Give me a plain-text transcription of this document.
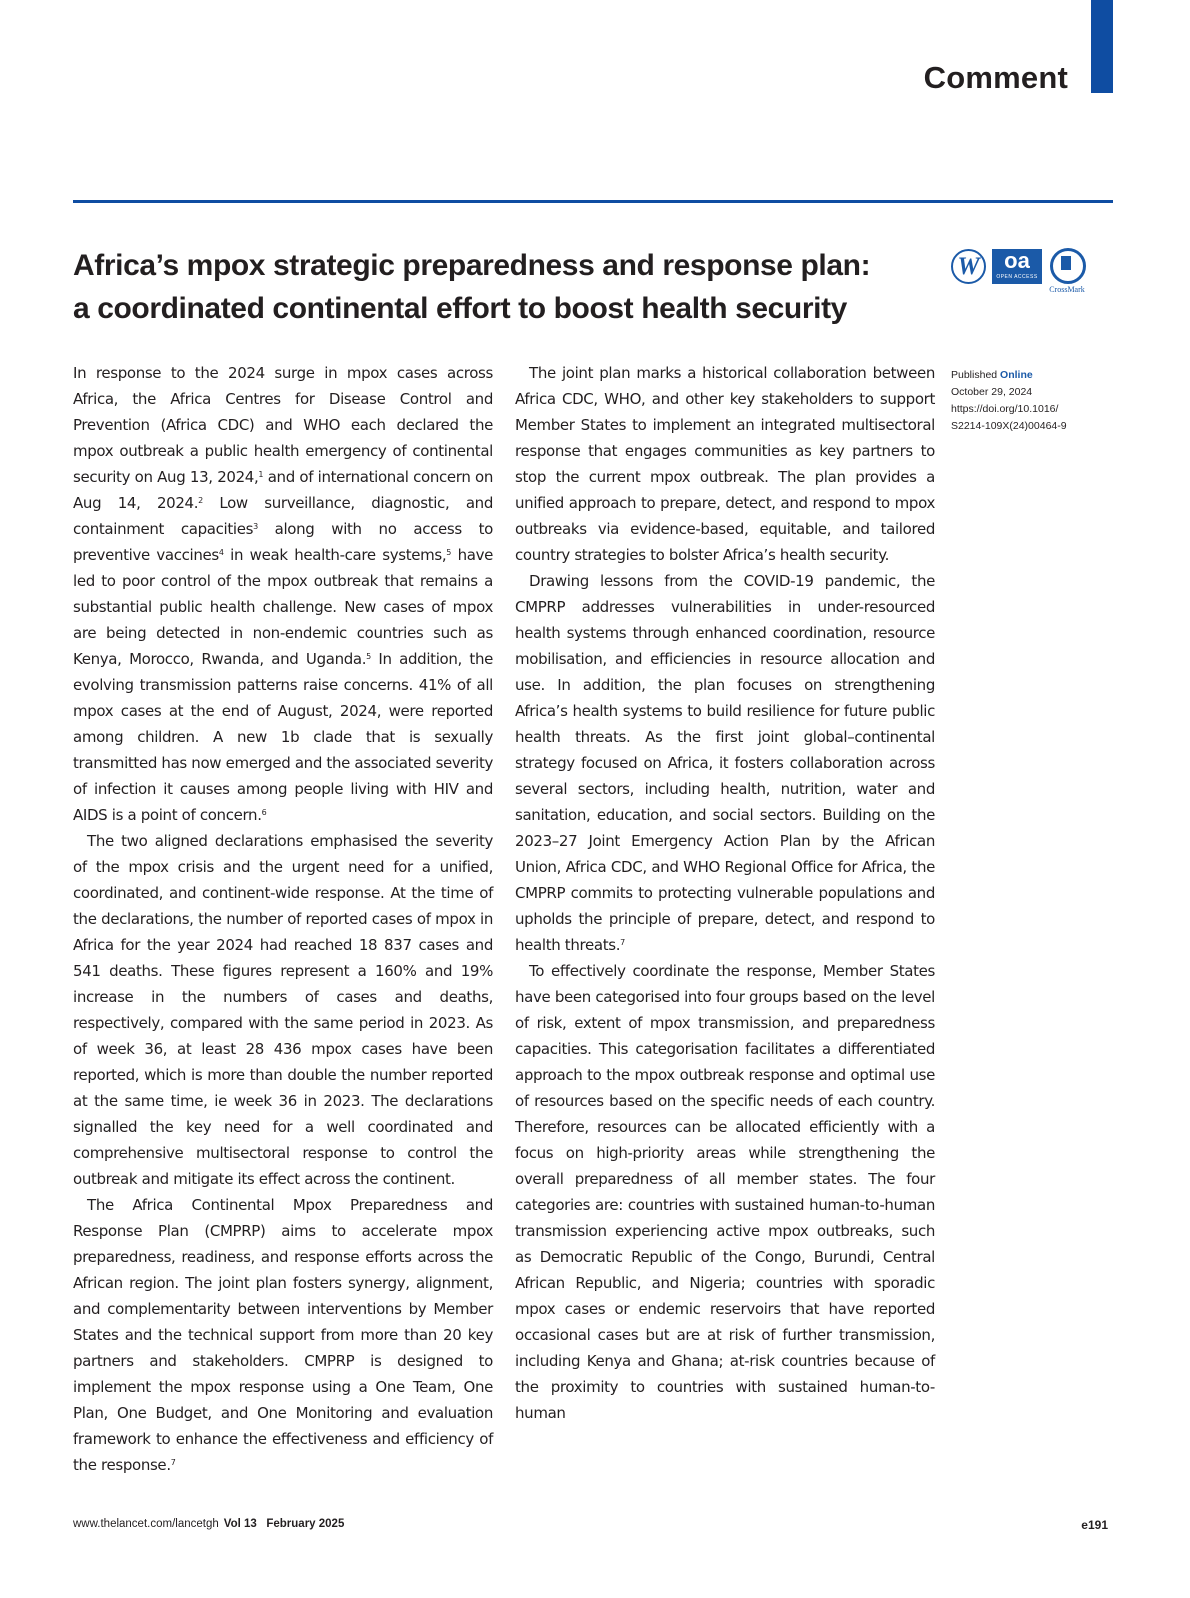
Comment
Africa’s mpox strategic preparedness and response plan:
a coordinated continental effort to boost health security
W	oa
OPEN ACCESS
CrossMark

In response to the 2024 surge in mpox cases across Africa, the Africa Centres for Disease Control and Prevention (Africa CDC) and WHO each declared the mpox outbreak a public health emergency of continental security on Aug 13, 2024,$^1$ and of international concern on Aug 14, 2024.$^2$ Low surveillance, diagnostic, and containment capacities$^3$ along with no access to preventive vaccines$^4$ in weak health-care systems,$^5$ have led to poor control of the mpox outbreak that remains a substantial public health challenge. New cases of mpox are being detected in non-endemic countries such as Kenya, Morocco, Rwanda, and Uganda.$^5$ In addition, the evolving transmission patterns raise concerns. 41% of all mpox cases at the end of August, 2024, were reported among children. A new 1b clade that is sexually transmitted has now emerged and the associated severity of infection it causes among people living with HIV and AIDS is a point of concern.$^6$

The two aligned declarations emphasised the severity of the mpox crisis and the urgent need for a unified, coordinated, and continent-wide response. At the time of the declarations, the number of reported cases of mpox in Africa for the year 2024 had reached 18 837 cases and 541 deaths. These figures represent a 160% and 19% increase in the numbers of cases and deaths, respectively, compared with the same period in 2023. As of week 36, at least 28 436 mpox cases have been reported, which is more than double the number reported at the same time, ie week 36 in 2023. The declarations signalled the key need for a well coordinated and comprehensive multisectoral response to control the outbreak and mitigate its effect across the continent.

The Africa Continental Mpox Preparedness and Response Plan (CMPRP) aims to accelerate mpox preparedness, readiness, and response efforts across the African region. The joint plan fosters synergy, alignment, and complementarity between interventions by Member States and the technical support from more than 20 key partners and stakeholders. CMPRP is designed to implement the mpox response using a One Team, One Plan, One Budget, and One Monitoring and evaluation framework to enhance the effectiveness and efficiency of the response.$^7$

The joint plan marks a historical collaboration between Africa CDC, WHO, and other key stakeholders to support Member States to implement an integrated multisectoral response that engages communities as key partners to stop the current mpox outbreak. The plan provides a unified approach to prepare, detect, and respond to mpox outbreaks via evidence-based, equitable, and tailored country strategies to bolster Africa’s health security.

Drawing lessons from the COVID-19 pandemic, the CMPRP addresses vulnerabilities in under-resourced health systems through enhanced coordination, resource mobilisation, and efficiencies in resource allocation and use. In addition, the plan focuses on strengthening Africa’s health systems to build resilience for future public health threats. As the first joint global–continental strategy focused on Africa, it fosters collaboration across several sectors, including health, nutrition, water and sanitation, education, and social sectors. Building on the 2023–27 Joint Emergency Action Plan by the African Union, Africa CDC, and WHO Regional Office for Africa, the CMPRP commits to protecting vulnerable populations and upholds the principle of prepare, detect, and respond to health threats.$^7$

To effectively coordinate the response, Member States have been categorised into four groups based on the level of risk, extent of mpox transmission, and preparedness capacities. This categorisation facilitates a differentiated approach to the mpox outbreak response and optimal use of resources based on the specific needs of each country. Therefore, resources can be allocated efficiently with a focus on high-priority areas while strengthening the overall preparedness of all member states. The four categories are: countries with sustained human-to-human transmission experiencing active mpox outbreaks, such as Democratic Republic of the Congo, Burundi, Central African Republic, and Nigeria; countries with sporadic mpox cases or endemic reservoirs that have reported occasional cases but are at risk of further transmission, including Kenya and Ghana; at-risk countries because of the proximity to countries with sustained human-to-human

Published Online
October 29, 2024
https://doi.org/10.1016/
S2214-109X(24)00464-9
www.thelancet.com/lancetgh Vol 13   February 2025	e191
